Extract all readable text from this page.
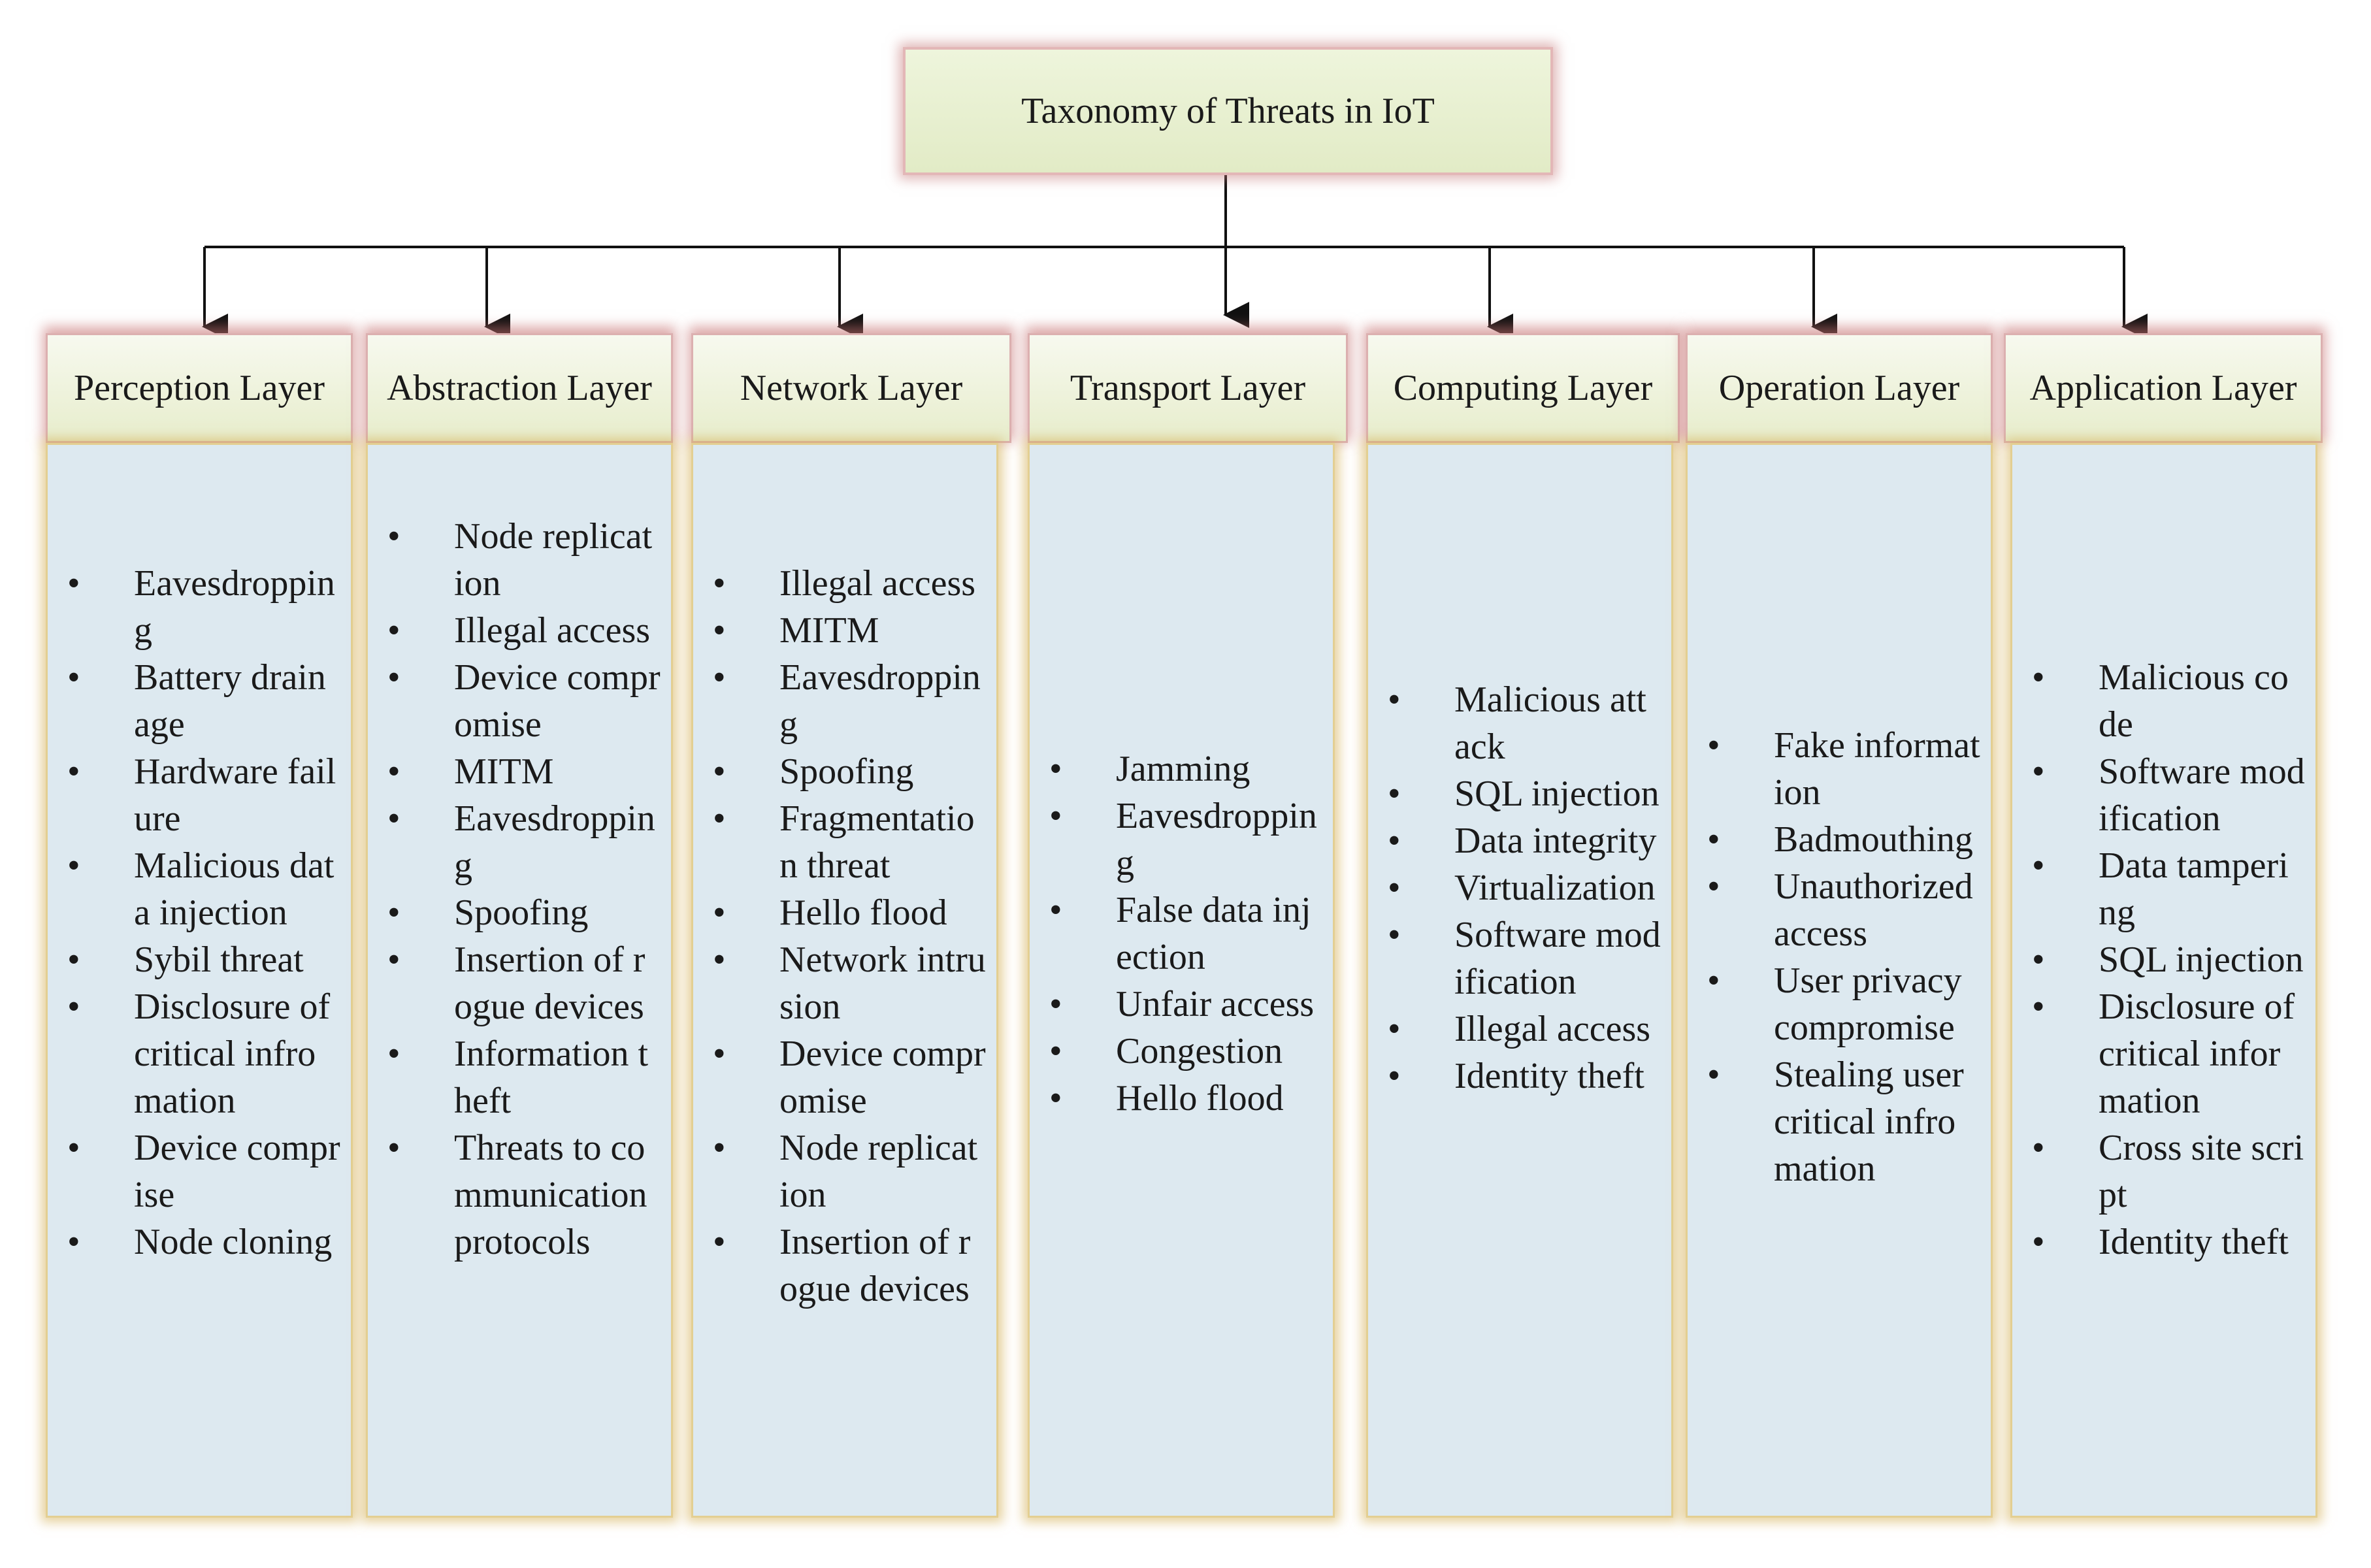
Taxonomy of Threats in IoT
Perception Layer
• Eavesdropping
• Battery drainage
• Hardware failure
• Malicious data injection
• Sybil threat
• Disclosure of critical infromation
• Device comprise
• Node cloning
Abstraction Layer
• Node replication
• Illegal access
• Device compromise
• MITM
• Eavesdropping
• Spoofing
• Insertion of rogue devices
• Information theft
• Threats to communication protocols
Network Layer
• Illegal access
• MITM
• Eavesdropping
• Spoofing
• Fragmentation threat
• Hello flood
• Network intrusion
• Device compromise
• Node replication
• Insertion of rogue devices
Transport Layer
• Jamming
• Eavesdropping
• False data injection
• Unfair access
• Congestion
• Hello flood
Computing Layer
• Malicious attack
• SQL injection
• Data integrity
• Virtualization
• Software modification
• Illegal access
• Identity theft
Operation Layer
• Fake information
• Badmouthing
• Unauthorized access
• User privacy compromise
• Stealing user critical infromation
Application Layer
• Malicious code
• Software modification
• Data tampering
• SQL injection
• Disclosure of critical information
• Cross site script
• Identity theft
